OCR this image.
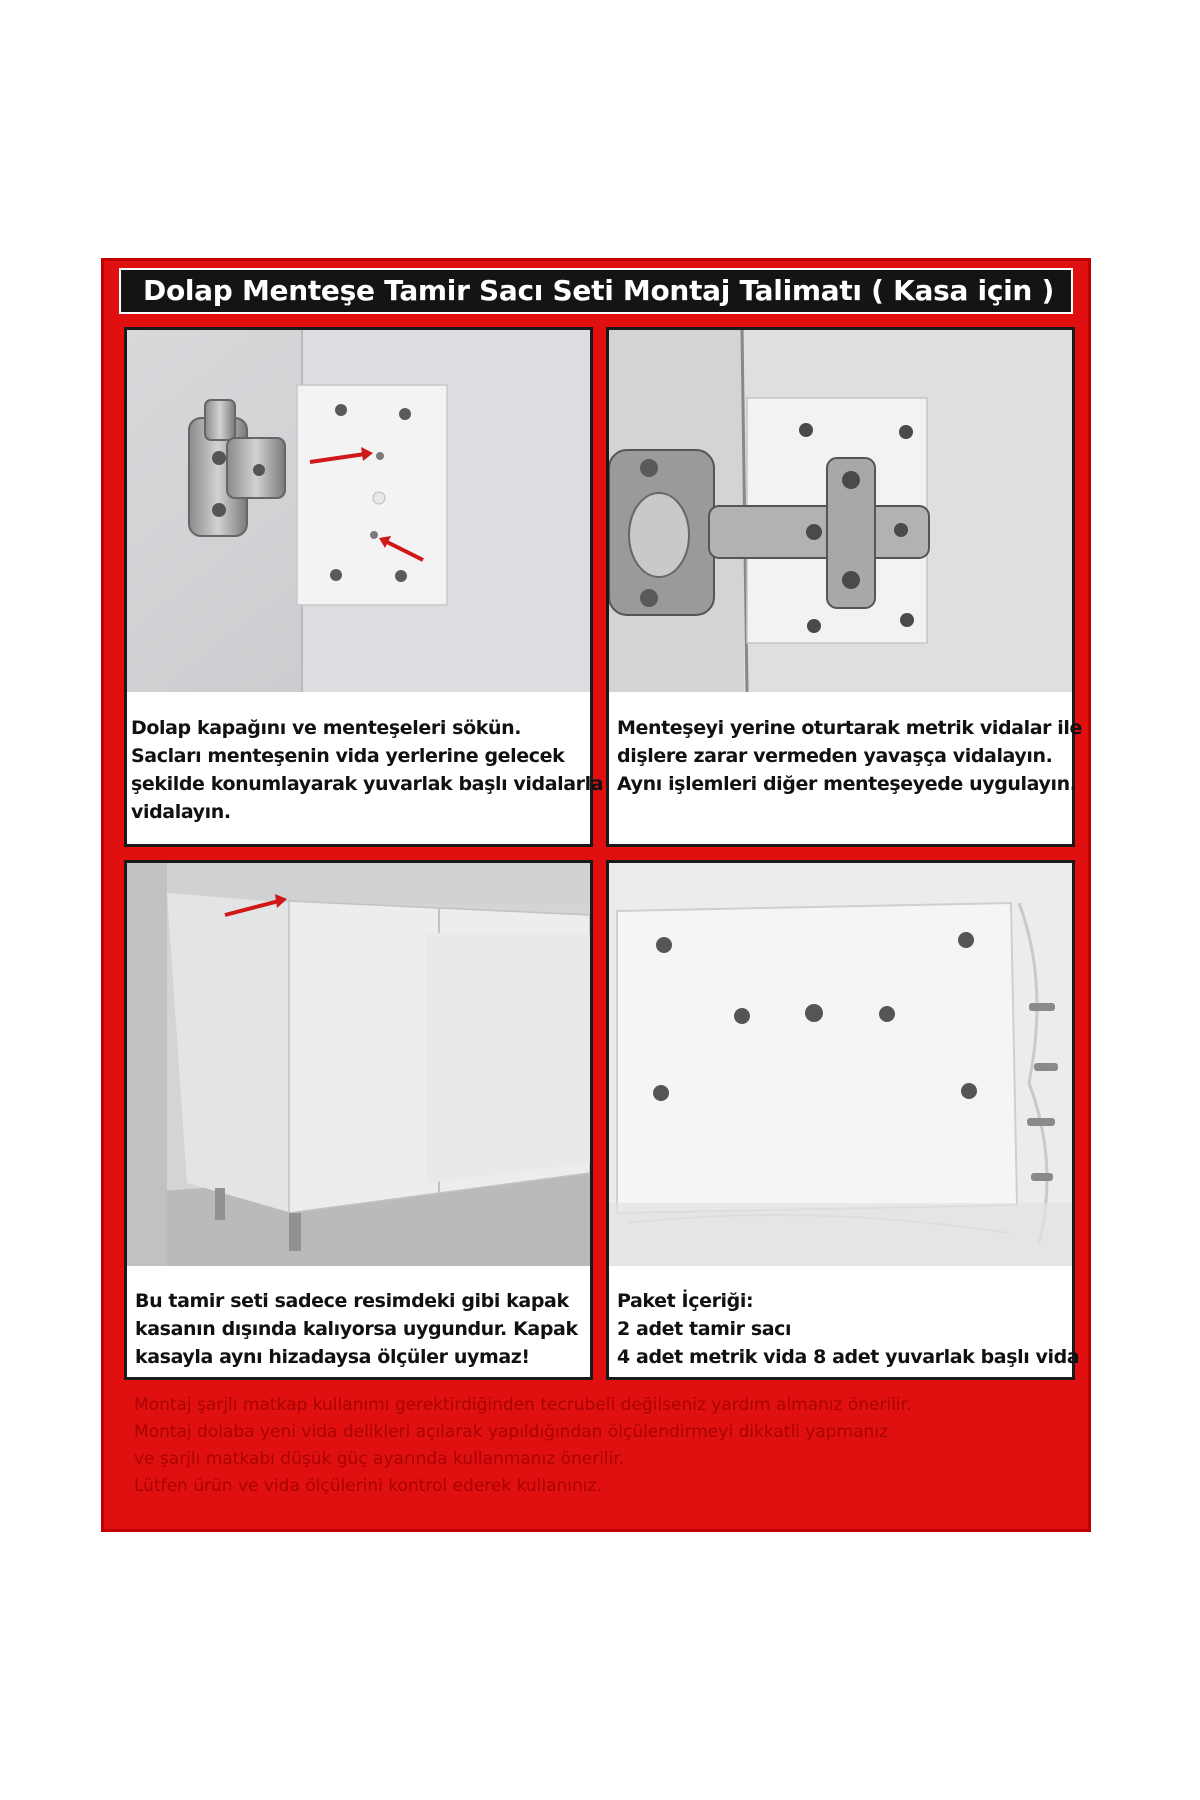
Dolap Menteşe Tamir Sacı Seti Montaj Talimatı ( Kasa için )
Dolap kapağını ve menteşeleri sökün.
Sacları menteşenin vida yerlerine gelecek
şekilde konumlayarak yuvarlak başlı vidalarla
vidalayın.
Menteşeyi yerine oturtarak metrik vidalar ile
dişlere zarar vermeden yavaşça vidalayın.
Aynı işlemleri diğer menteşeyede uygulayın.
Bu tamir seti sadece resimdeki gibi kapak
kasanın dışında kalıyorsa uygundur. Kapak
kasayla aynı hizadaysa ölçüler uymaz!
Paket İçeriği:
2 adet tamir sacı
4 adet metrik vida 8 adet yuvarlak başlı vida
Montaj şarjlı matkap kullanımı gerektirdiğinden tecrubeli değilseniz yardım almanız önerilir.
Montaj dolaba yeni vida delikleri açılarak yapıldığından ölçülendirmeyi dikkatli yapmanız
ve şarjlı matkabı düşük güç ayarında kullanmanız önerilir.
Lütfen ürün ve vida ölçülerini kontrol ederek kullanınız.
